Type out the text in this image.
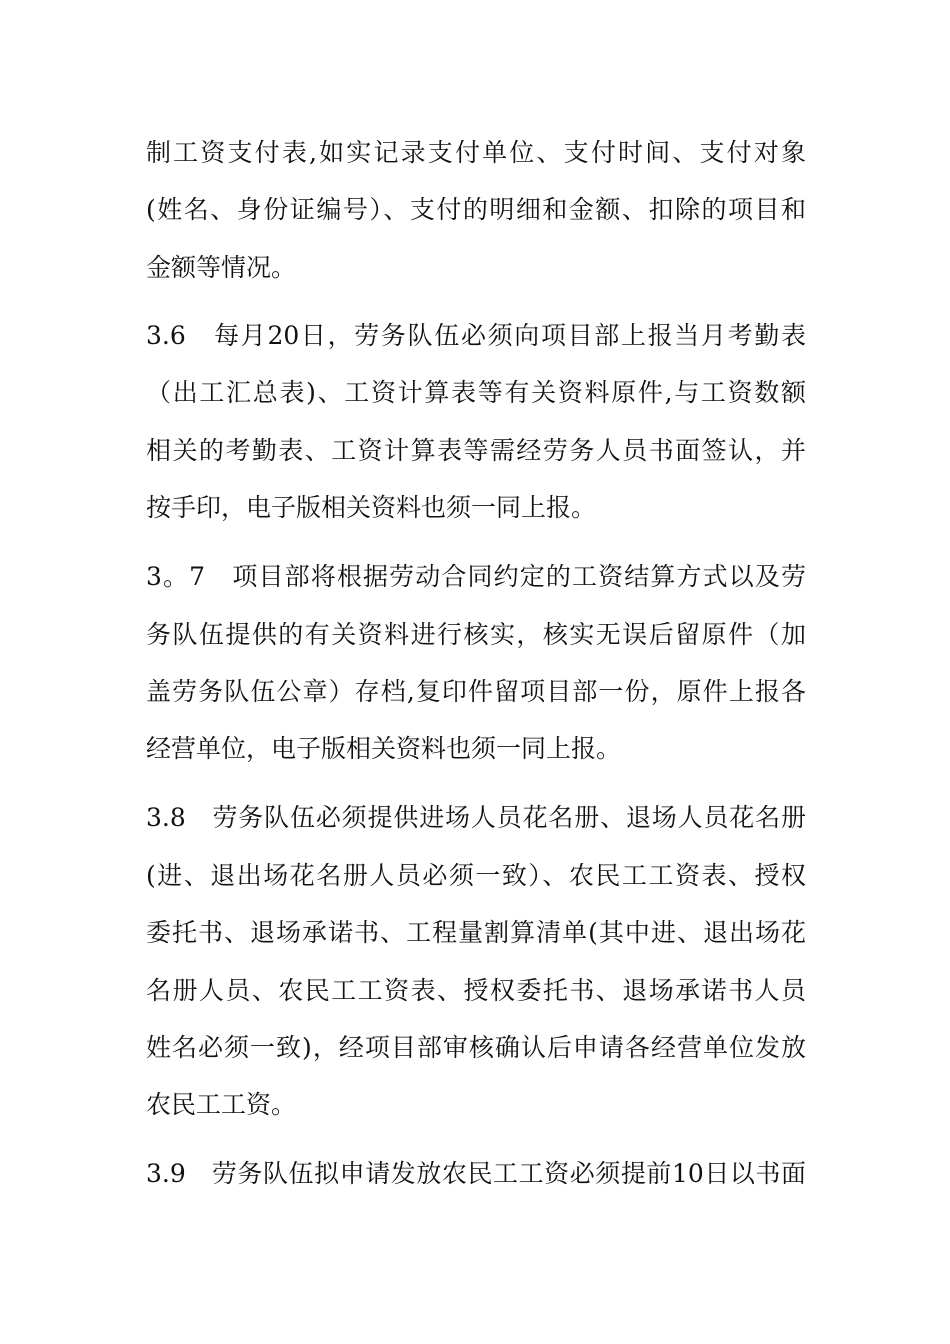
制工资支付表,如实记录支付单位、支付时间、支付对象
(姓名、身份证编号）、支付的明细和金额、扣除的项目和
金额等情况。
3.6　每月20日，劳务队伍必须向项目部上报当月考勤表
（出工汇总表)、工资计算表等有关资料原件,与工资数额
相关的考勤表、工资计算表等需经劳务人员书面签认，并
按手印，电子版相关资料也须一同上报。
3。7　项目部将根据劳动合同约定的工资结算方式以及劳
务队伍提供的有关资料进行核实，核实无误后留原件（加
盖劳务队伍公章）存档,复印件留项目部一份，原件上报各
经营单位，电子版相关资料也须一同上报。
3.8　劳务队伍必须提供进场人员花名册、退场人员花名册
(进、退出场花名册人员必须一致）、农民工工资表、授权
委托书、退场承诺书、工程量割算清单(其中进、退出场花
名册人员、农民工工资表、授权委托书、退场承诺书人员
姓名必须一致)，经项目部审核确认后申请各经营单位发放
农民工工资。
3.9　劳务队伍拟申请发放农民工工资必须提前10日以书面
